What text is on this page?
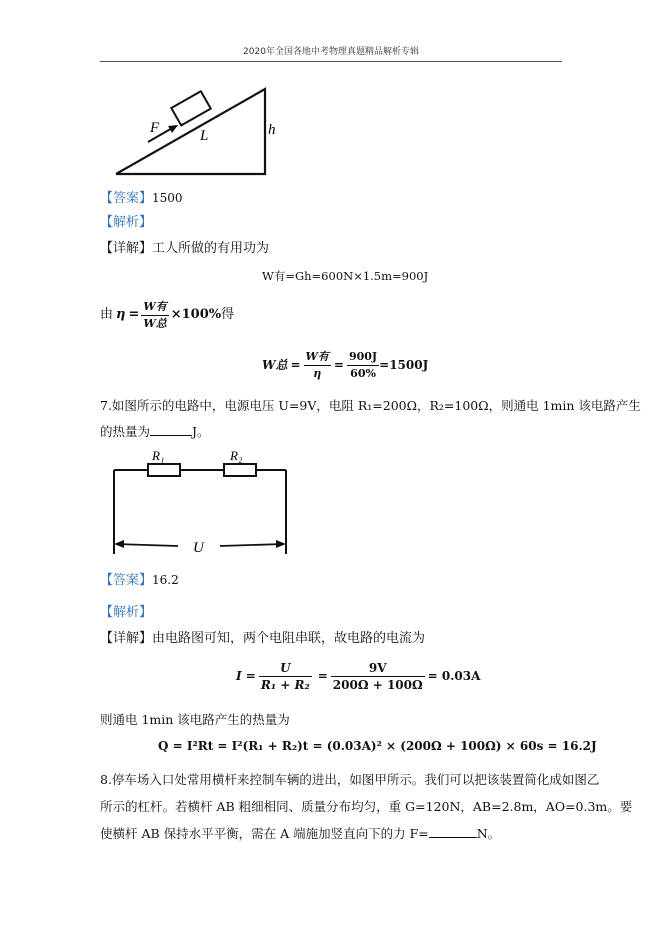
2020年全国各地中考物理真题精品解析专辑
F	L	h
【答案】1500
【解析】
【详解】工人所做的有用功为
W有=Gh=600N×1.5m=900J
由 $\eta = \frac{\text{W有}}{\text{W总}} \times 100\%$ 得
W总 = $\frac{\text{W有}}{\eta} = \frac{900J}{60\%} =1500J$
7.如图所示的电路中，电源电压 U=9V，电阻 R₁=200Ω，R₂=100Ω，则通电 1min 该电路产生
的热量为	J。
R₁	R₂
U
【答案】16.2
【解析】
【详解】由电路图可知，两个电阻串联，故电路的电流为
$I = \frac{U}{\text{R₁ + R₂}} = \frac{9V}{200\Omega + 100\Omega} = 0.03A$
则通电 1min 该电路产生的热量为
Q = I²Rt = I²(R₁ + R₂)t = (0.03A)² × (200Ω + 100Ω) × 60s = 16.2J
8.停车场入口处常用横杆来控制车辆的进出，如图甲所示。我们可以把该装置简化成如图乙
所示的杠杆。若横杆 AB 粗细相同、质量分布均匀，重 G=120N，AB=2.8m，AO=0.3m。要
使横杆 AB 保持水平平衡，需在 A 端施加竖直向下的力 F=	N。
